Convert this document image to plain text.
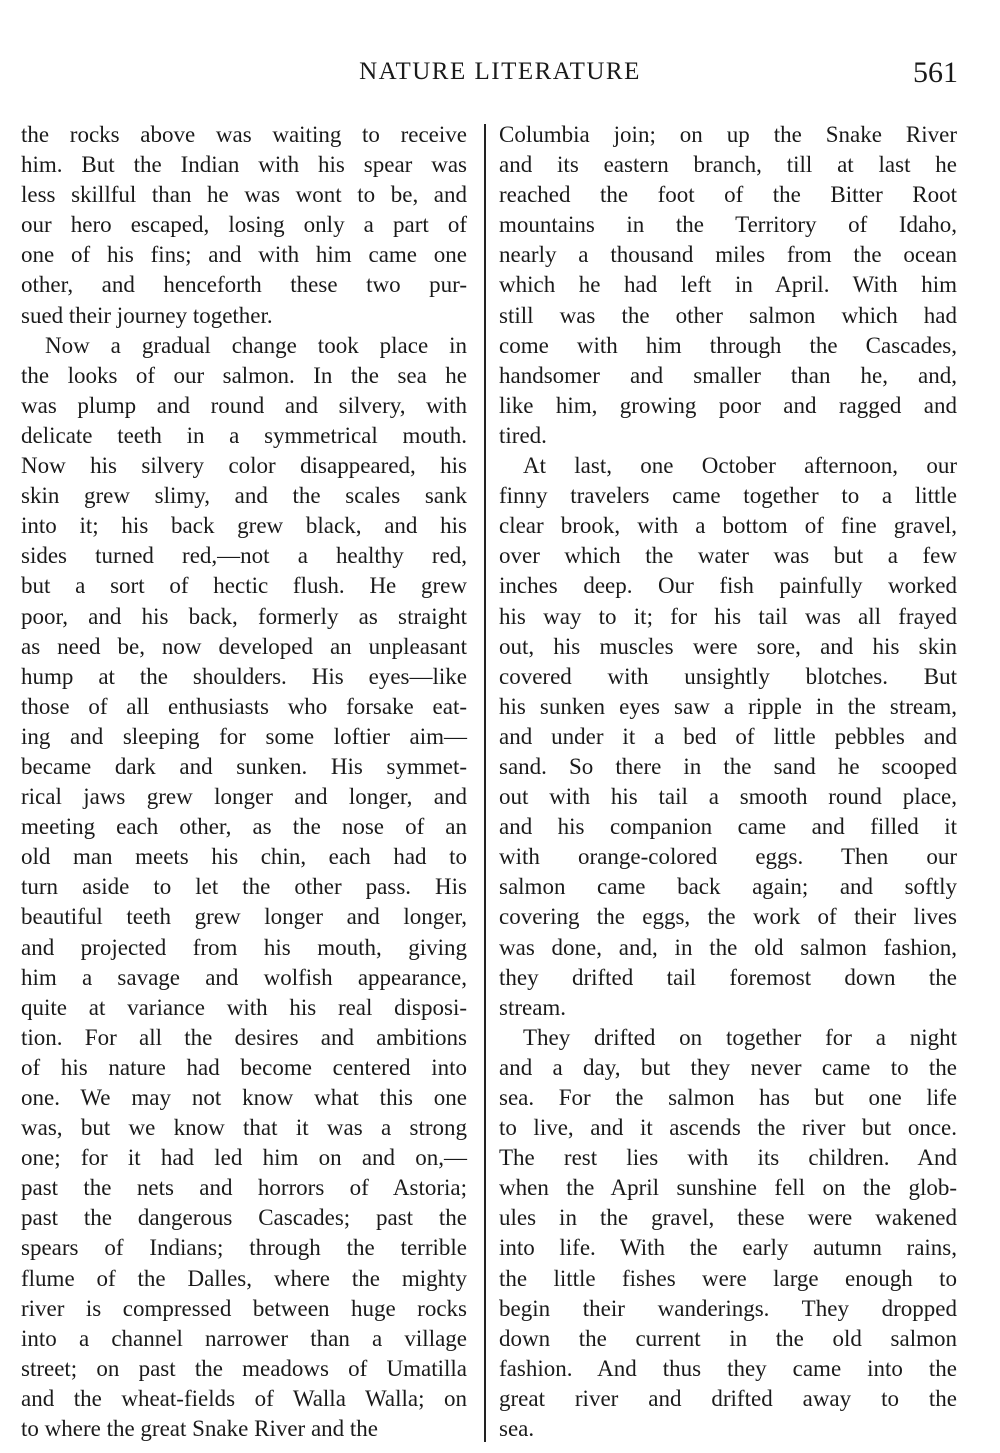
NATURE LITERATURE	561
the rocks above was waiting to receive
him. But the Indian with his spear was
less skillful than he was wont to be, and
our hero escaped, losing only a part of
one of his fins; and with him came one
other, and henceforth these two pur-
sued their journey together.
Now a gradual change took place in
the looks of our salmon. In the sea he
was plump and round and silvery, with
delicate teeth in a symmetrical mouth.
Now his silvery color disappeared, his
skin grew slimy, and the scales sank
into it; his back grew black, and his
sides turned red,—not a healthy red,
but a sort of hectic flush. He grew
poor, and his back, formerly as straight
as need be, now developed an unpleasant
hump at the shoulders. His eyes—like
those of all enthusiasts who forsake eat-
ing and sleeping for some loftier aim—
became dark and sunken. His symmet-
rical jaws grew longer and longer, and
meeting each other, as the nose of an
old man meets his chin, each had to
turn aside to let the other pass. His
beautiful teeth grew longer and longer,
and projected from his mouth, giving
him a savage and wolfish appearance,
quite at variance with his real disposi-
tion. For all the desires and ambitions
of his nature had become centered into
one. We may not know what this one
was, but we know that it was a strong
one; for it had led him on and on,—
past the nets and horrors of Astoria;
past the dangerous Cascades; past the
spears of Indians; through the terrible
flume of the Dalles, where the mighty
river is compressed between huge rocks
into a channel narrower than a village
street; on past the meadows of Umatilla
and the wheat-fields of Walla Walla; on
to where the great Snake River and the
Columbia join; on up the Snake River
and its eastern branch, till at last he
reached the foot of the Bitter Root
mountains in the Territory of Idaho,
nearly a thousand miles from the ocean
which he had left in April. With him
still was the other salmon which had
come with him through the Cascades,
handsomer and smaller than he, and,
like him, growing poor and ragged and
tired.
At last, one October afternoon, our
finny travelers came together to a little
clear brook, with a bottom of fine gravel,
over which the water was but a few
inches deep. Our fish painfully worked
his way to it; for his tail was all frayed
out, his muscles were sore, and his skin
covered with unsightly blotches. But
his sunken eyes saw a ripple in the stream,
and under it a bed of little pebbles and
sand. So there in the sand he scooped
out with his tail a smooth round place,
and his companion came and filled it
with orange-colored eggs. Then our
salmon came back again; and softly
covering the eggs, the work of their lives
was done, and, in the old salmon fashion,
they drifted tail foremost down the
stream.
They drifted on together for a night
and a day, but they never came to the
sea. For the salmon has but one life
to live, and it ascends the river but once.
The rest lies with its children. And
when the April sunshine fell on the glob-
ules in the gravel, these were wakened
into life. With the early autumn rains,
the little fishes were large enough to
begin their wanderings. They dropped
down the current in the old salmon
fashion. And thus they came into the
great river and drifted away to the
sea.
